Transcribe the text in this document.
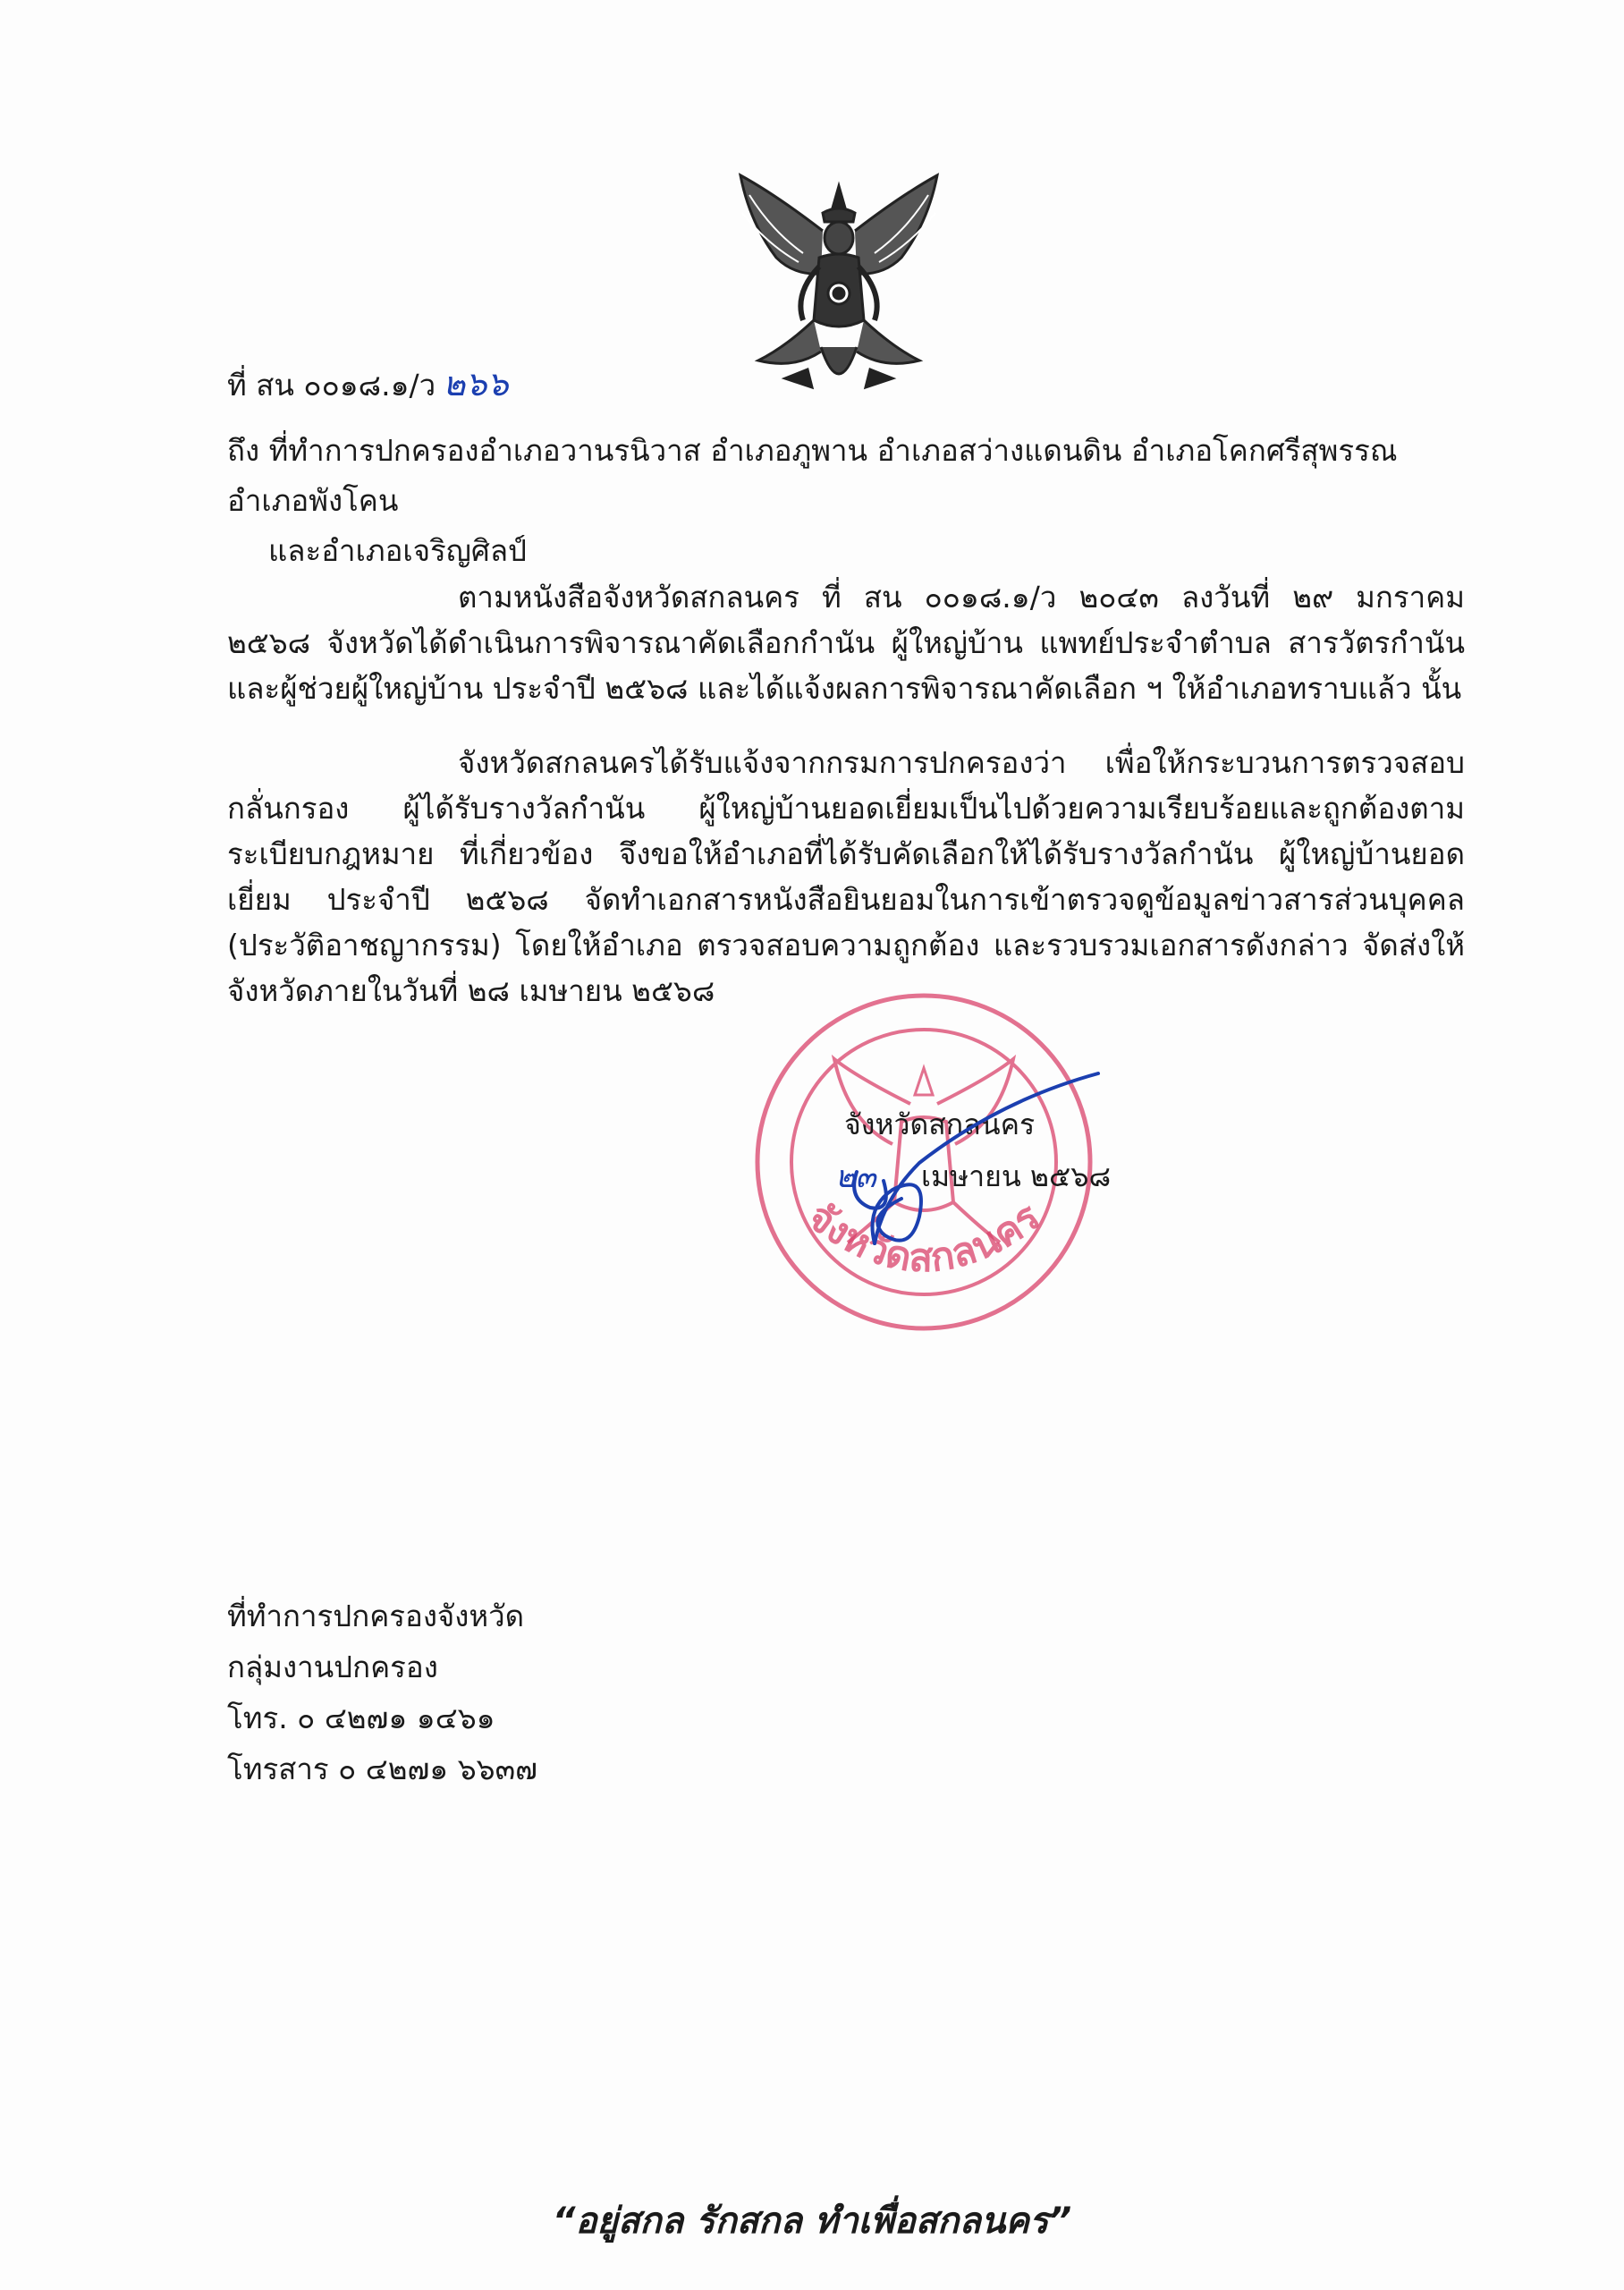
ที่ สน ๐๐๑๘.๑/ว ๒๖๖
ถึง ที่ทำการปกครองอำเภอวานรนิวาส อำเภอภูพาน อำเภอสว่างแดนดิน อำเภอโคกศรีสุพรรณ อำเภอพังโคน
และอำเภอเจริญศิลป์
ตามหนังสือจังหวัดสกลนคร ที่ สน ๐๐๑๘.๑/ว ๒๐๔๓ ลงวันที่ ๒๙ มกราคม ๒๕๖๘ จังหวัดได้ดำเนินการพิจารณาคัดเลือกกำนัน ผู้ใหญ่บ้าน แพทย์ประจำตำบล สารวัตรกำนัน และผู้ช่วยผู้ใหญ่บ้าน ประจำปี ๒๕๖๘ และได้แจ้งผลการพิจารณาคัดเลือก ฯ ให้อำเภอทราบแล้ว นั้น
จังหวัดสกลนครได้รับแจ้งจากกรมการปกครองว่า เพื่อให้กระบวนการตรวจสอบกลั่นกรอง ผู้ได้รับรางวัลกำนัน ผู้ใหญ่บ้านยอดเยี่ยมเป็นไปด้วยความเรียบร้อยและถูกต้องตามระเบียบกฎหมาย ที่เกี่ยวข้อง จึงขอให้อำเภอที่ได้รับคัดเลือกให้ได้รับรางวัลกำนัน ผู้ใหญ่บ้านยอดเยี่ยม ประจำปี ๒๕๖๘ จัดทำเอกสารหนังสือยินยอมในการเข้าตรวจดูข้อมูลข่าวสารส่วนบุคคล (ประวัติอาชญากรรม) โดยให้อำเภอ ตรวจสอบความถูกต้อง และรวบรวมเอกสารดังกล่าว จัดส่งให้จังหวัดภายในวันที่ ๒๘ เมษายน ๒๕๖๘
จังหวัดสกลนคร
จังหวัดสกลนคร
๒๓ เมษายน ๒๕๖๘
ที่ทำการปกครองจังหวัด
กลุ่มงานปกครอง
โทร. ๐ ๔๒๗๑ ๑๔๖๑
โทรสาร ๐ ๔๒๗๑ ๖๖๓๗
“อยู่สกล รักสกล ทำเพื่อสกลนคร”
